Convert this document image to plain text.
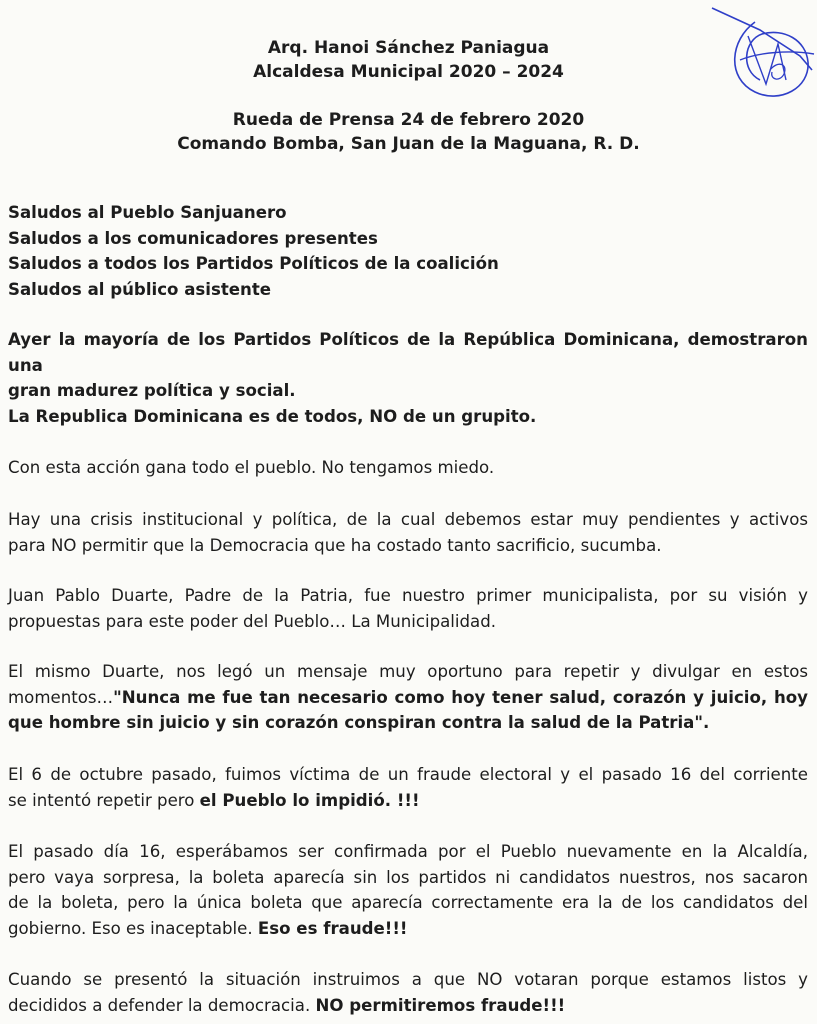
Arq. Hanoi Sánchez Paniagua
Alcaldesa Municipal 2020 – 2024
Rueda de Prensa 24 de febrero 2020
Comando Bomba, San Juan de la Maguana, R. D.
Saludos al Pueblo Sanjuanero
Saludos a los comunicadores presentes
Saludos a todos los Partidos Políticos de la coalición
Saludos al público asistente
Ayer la mayoría de los Partidos Políticos de la República Dominicana, demostraron una
gran madurez política y social.
La Republica Dominicana es de todos, NO de un grupito.
Con esta acción gana todo el pueblo. No tengamos miedo.
Hay una crisis institucional y política, de la cual debemos estar muy pendientes y activos
para NO permitir que la Democracia que ha costado tanto sacrificio, sucumba.
Juan Pablo Duarte, Padre de la Patria, fue nuestro primer municipalista, por su visión y
propuestas para este poder del Pueblo… La Municipalidad.
El mismo Duarte, nos legó un mensaje muy oportuno para repetir y divulgar en estos
momentos…"Nunca me fue tan necesario como hoy tener salud, corazón y juicio, hoy
que hombre sin juicio y sin corazón conspiran contra la salud de la Patria".
El 6 de octubre pasado, fuimos víctima de un fraude electoral y el pasado 16 del corriente
se intentó repetir pero el Pueblo lo impidió. !!!
El pasado día 16, esperábamos ser confirmada por el Pueblo nuevamente en la Alcaldía,
pero vaya sorpresa, la boleta aparecía sin los partidos ni candidatos nuestros, nos sacaron
de la boleta, pero la única boleta que aparecía correctamente era la de los candidatos del
gobierno. Eso es inaceptable. Eso es fraude!!!
Cuando se presentó la situación instruimos a que NO votaran porque estamos listos y
decididos a defender la democracia. NO permitiremos fraude!!!
